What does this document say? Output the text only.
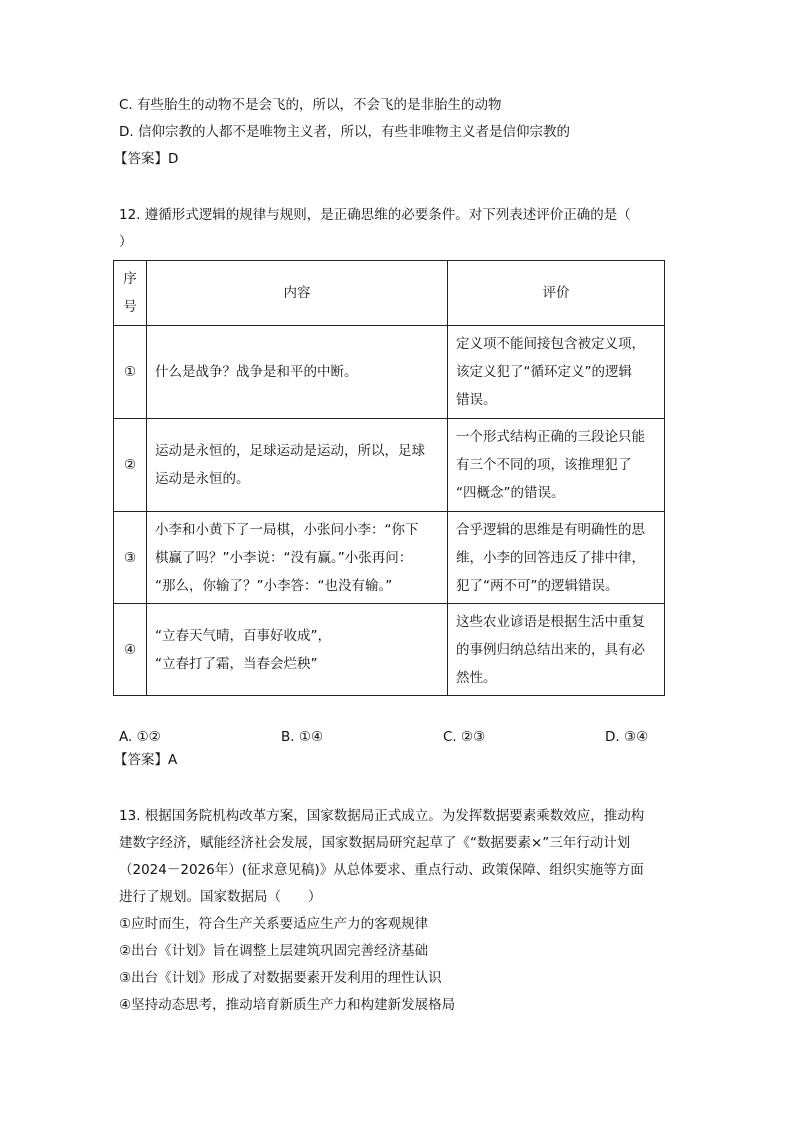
C. 有些胎生的动物不是会飞的，所以，不会飞的是非胎生的动物
D. 信仰宗教的人都不是唯物主义者，所以，有些非唯物主义者是信仰宗教的
【答案】D
12. 遵循形式逻辑的规律与规则，是正确思维的必要条件。对下列表述评价正确的是（
）
序
号	内容	评价
①	什么是战争？战争是和平的中断。	定义项不能间接包含被定义项，
该定义犯了“循环定义”的逻辑
错误。

②	运动是永恒的，足球运动是运动，所以，足球
运动是永恒的。	一个形式结构正确的三段论只能
有三个不同的项，该推理犯了
“四概念”的错误。

③	小李和小黄下了一局棋，小张问小李：“你下
棋赢了吗？”小李说：“没有赢。”小张再问：
“那么，你输了？”小李答：“也没有输。”	合乎逻辑的思维是有明确性的思
维，小李的回答违反了排中律，
犯了“两不可”的逻辑错误。

④	“立春天气晴，百事好收成”，
“立春打了霜，当春会烂秧”	这些农业谚语是根据生活中重复
的事例归纳总结出来的，具有必
然性。
A. ①②	B. ①④	C. ②③	D. ③④
【答案】A
13. 根据国务院机构改革方案，国家数据局正式成立。为发挥数据要素乘数效应，推动构
建数字经济，赋能经济社会发展，国家数据局研究起草了《“数据要素×”三年行动计划
（2024－2026年）(征求意见稿)》从总体要求、重点行动、政策保障、组织实施等方面
进行了规划。国家数据局（　　）
①应时而生，符合生产关系要适应生产力的客观规律
②出台《计划》旨在调整上层建筑巩固完善经济基础
③出台《计划》形成了对数据要素开发利用的理性认识
④坚持动态思考，推动培育新质生产力和构建新发展格局
